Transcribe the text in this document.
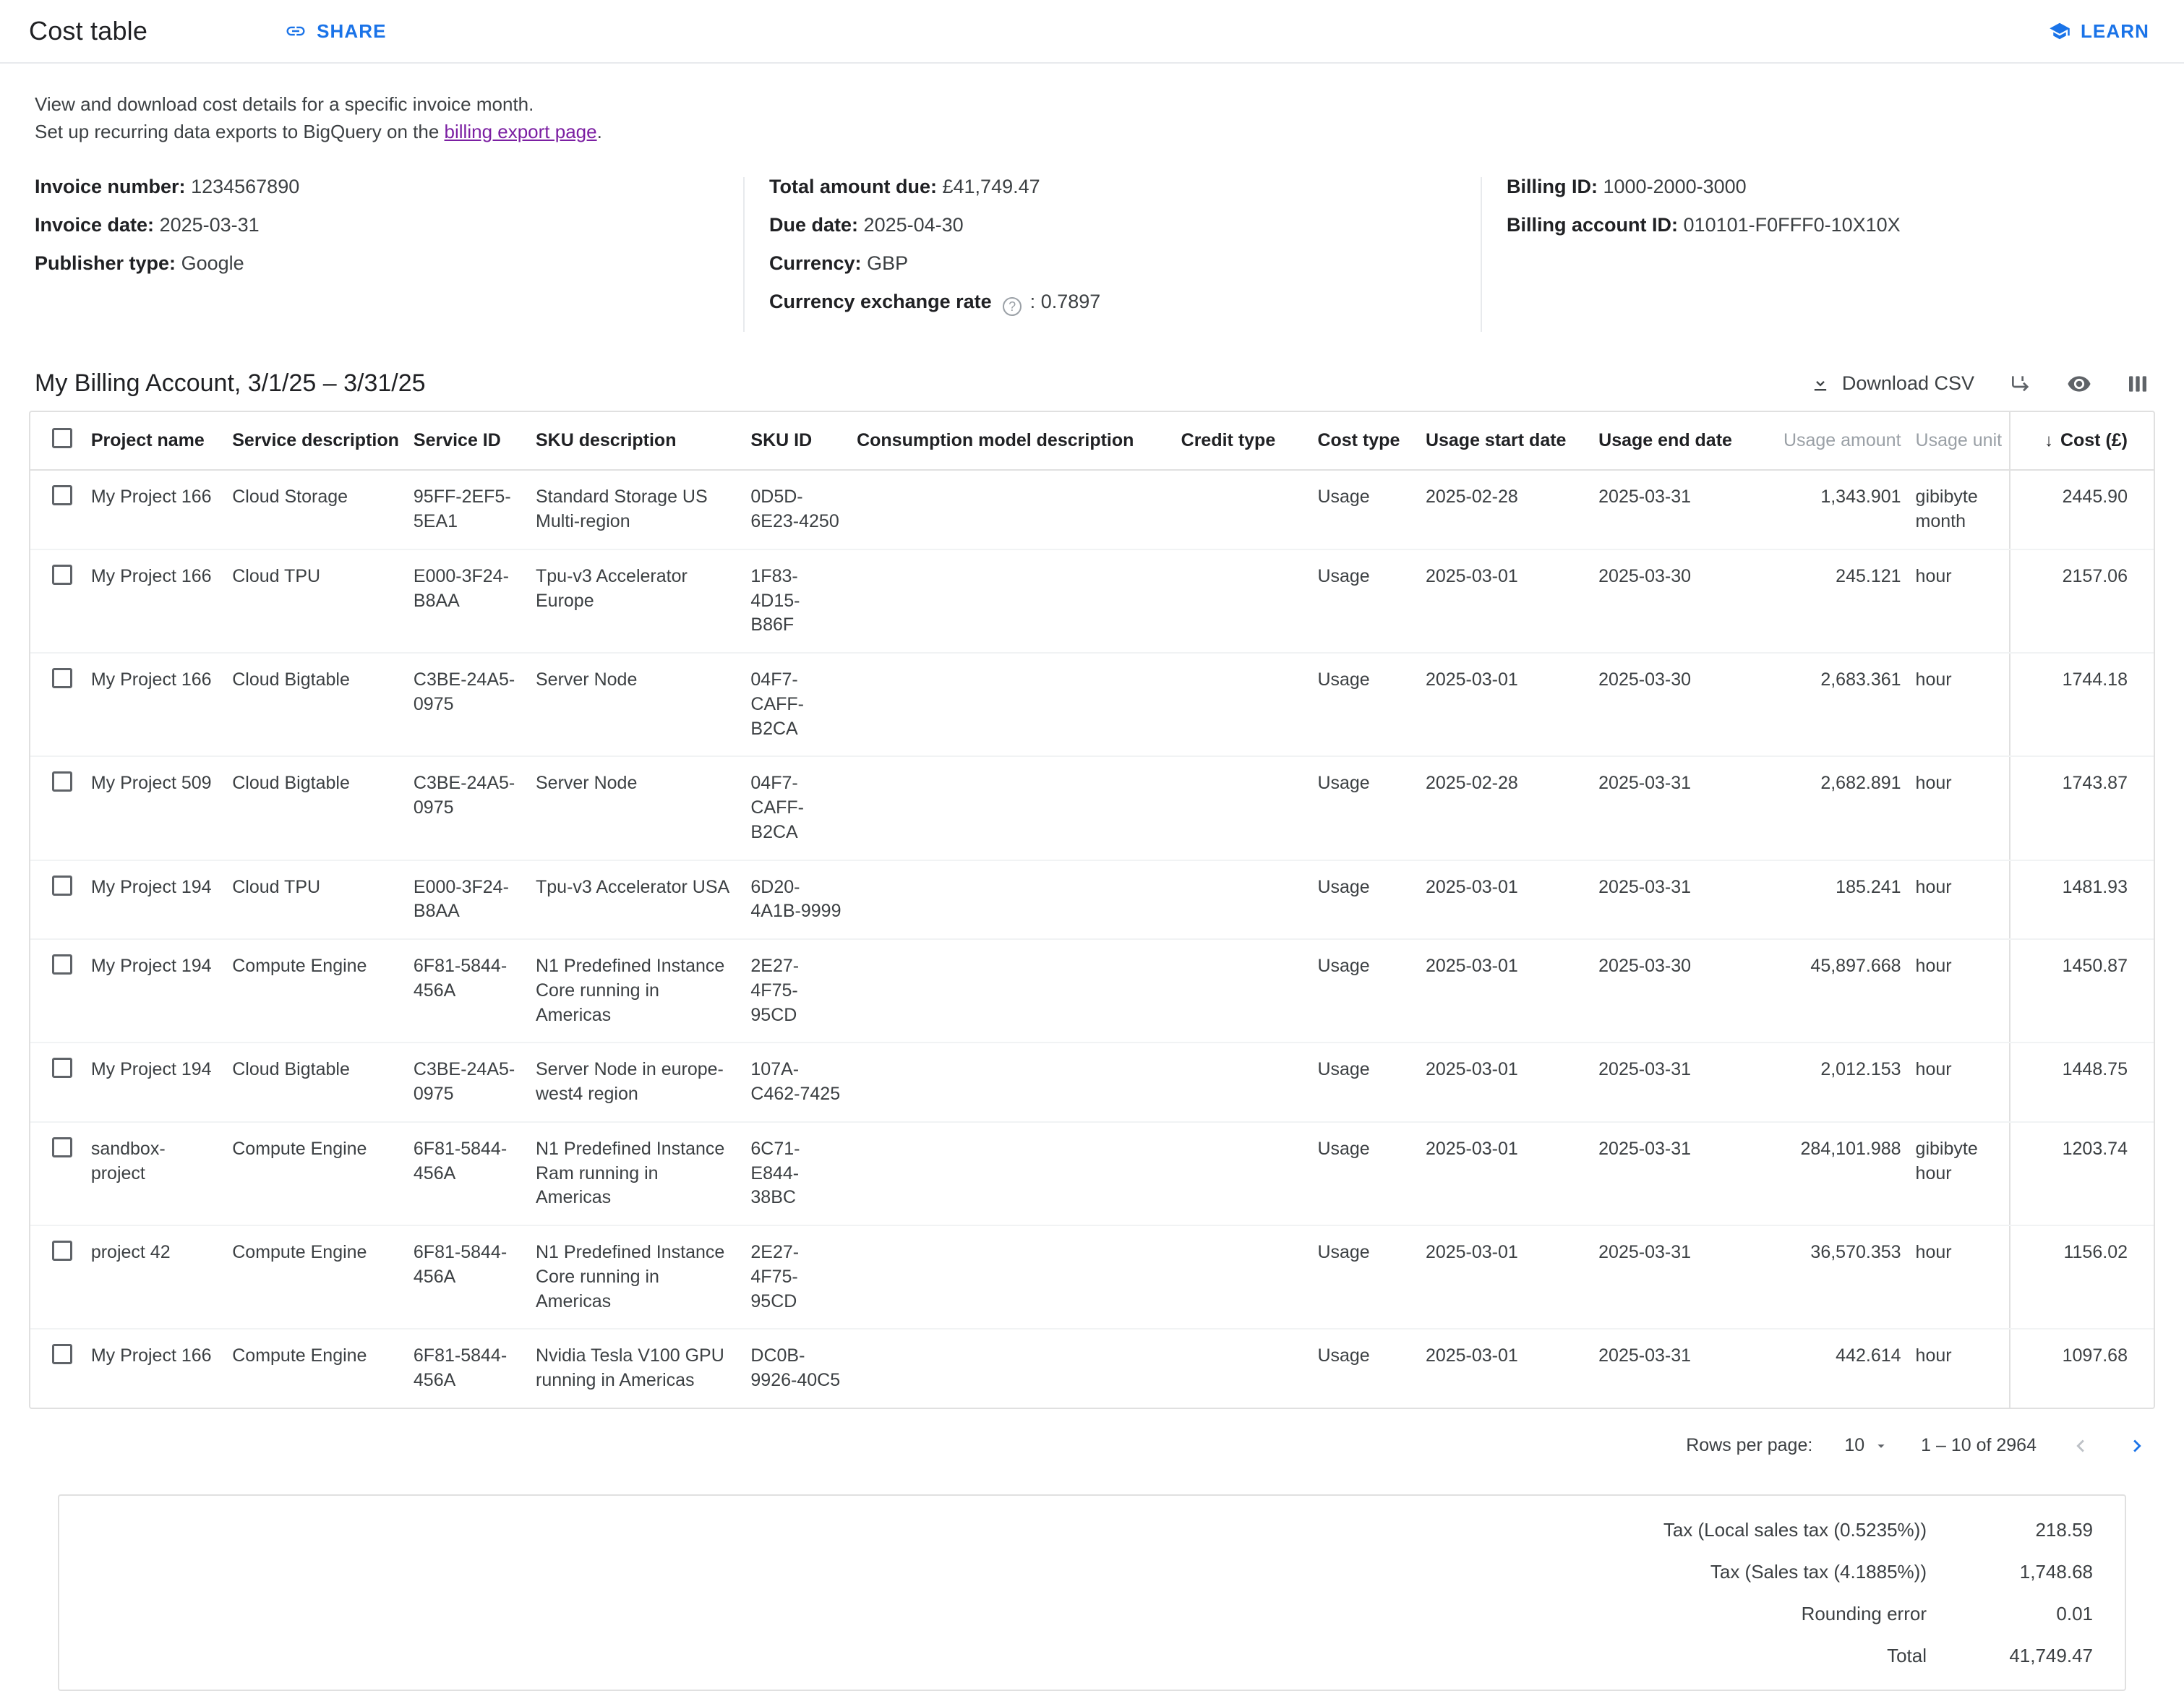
Cost table	SHARE	LEARN
View and download cost details for a specific invoice month.
Set up recurring data exports to BigQuery on the billing export page.
Invoice number: 1234567890
Invoice date: 2025-03-31
Publisher type: Google
Total amount due: £41,749.47
Due date: 2025-04-30
Currency: GBP
Currency exchange rate ? : 0.7897
Billing ID: 1000-2000-3000
Billing account ID: 010101-F0FFF0-10X10X
My Billing Account, 3/1/25 – 3/31/25	Download CSV
	Project name	Service description	Service ID	SKU description	SKU ID	Consumption model description	Credit type	Cost type	Usage start date	Usage end date	Usage amount	Usage unit	↓ Cost (£)
	My Project 166	Cloud Storage	95FF-2EF5-5EA1	Standard Storage US Multi-region	0D5D-6E23-4250			Usage	2025-02-28	2025-03-31	1,343.901	gibibyte month	2445.90
	My Project 166	Cloud TPU	E000-3F24-B8AA	Tpu-v3 Accelerator Europe	1F83-4D15-B86F			Usage	2025-03-01	2025-03-30	245.121	hour	2157.06
	My Project 166	Cloud Bigtable	C3BE-24A5-0975	Server Node	04F7-CAFF-B2CA			Usage	2025-03-01	2025-03-30	2,683.361	hour	1744.18
	My Project 509	Cloud Bigtable	C3BE-24A5-0975	Server Node	04F7-CAFF-B2CA			Usage	2025-02-28	2025-03-31	2,682.891	hour	1743.87
	My Project 194	Cloud TPU	E000-3F24-B8AA	Tpu-v3 Accelerator USA	6D20-4A1B-9999			Usage	2025-03-01	2025-03-31	185.241	hour	1481.93
	My Project 194	Compute Engine	6F81-5844-456A	N1 Predefined Instance Core running in Americas	2E27-4F75-95CD			Usage	2025-03-01	2025-03-30	45,897.668	hour	1450.87
	My Project 194	Cloud Bigtable	C3BE-24A5-0975	Server Node in europe-west4 region	107A-C462-7425			Usage	2025-03-01	2025-03-31	2,012.153	hour	1448.75
	sandbox-project	Compute Engine	6F81-5844-456A	N1 Predefined Instance Ram running in Americas	6C71-E844-38BC			Usage	2025-03-01	2025-03-31	284,101.988	gibibyte hour	1203.74
	project 42	Compute Engine	6F81-5844-456A	N1 Predefined Instance Core running in Americas	2E27-4F75-95CD			Usage	2025-03-01	2025-03-31	36,570.353	hour	1156.02
	My Project 166	Compute Engine	6F81-5844-456A	Nvidia Tesla V100 GPU running in Americas	DC0B-9926-40C5			Usage	2025-03-01	2025-03-31	442.614	hour	1097.68
Rows per page: 10	1 – 10 of 2964
Tax (Local sales tax (0.5235%))	218.59
Tax (Sales tax (4.1885%))	1,748.68
Rounding error	0.01
Total	41,749.47
